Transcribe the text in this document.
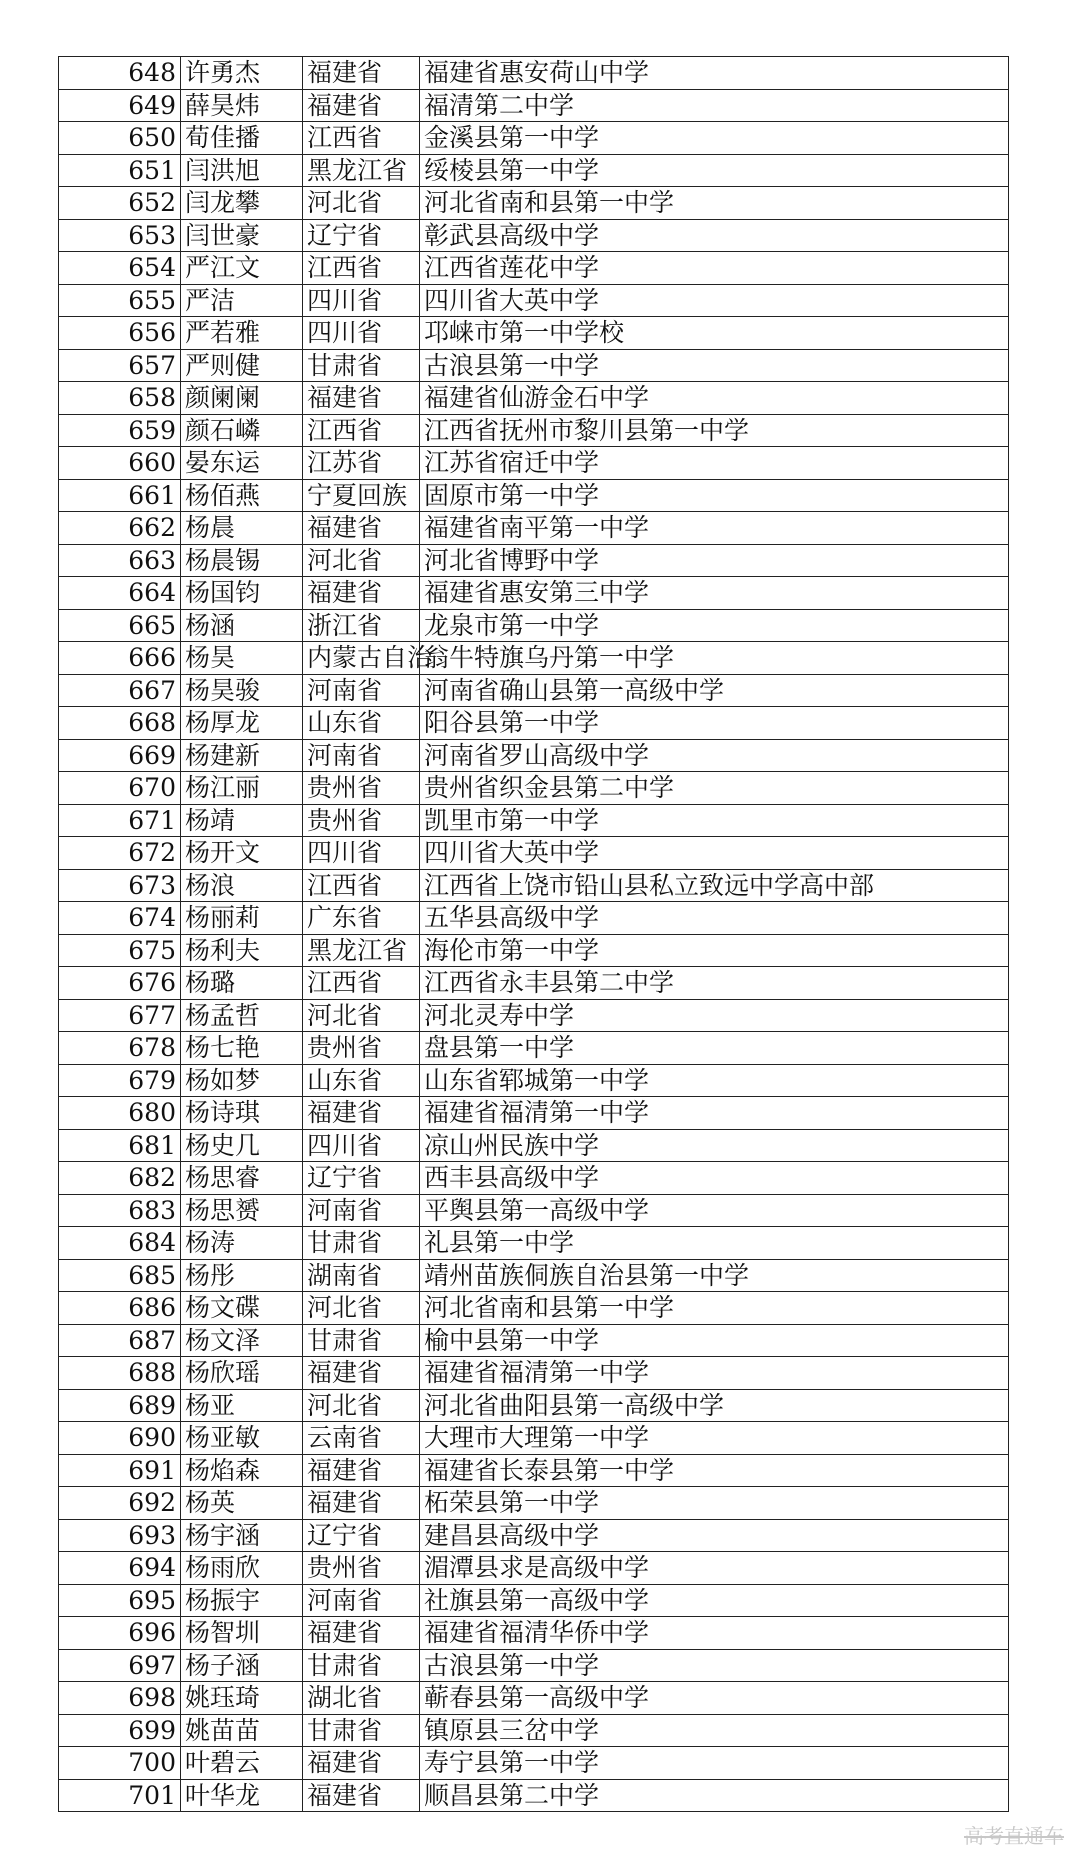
648	许勇杰	福建省	福建省惠安荷山中学
649	薛昊炜	福建省	福清第二中学
650	荀佳播	江西省	金溪县第一中学
651	闫洪旭	黑龙江省	绥棱县第一中学
652	闫龙攀	河北省	河北省南和县第一中学
653	闫世豪	辽宁省	彰武县高级中学
654	严江文	江西省	江西省莲花中学
655	严洁	四川省	四川省大英中学
656	严若雅	四川省	邛崃市第一中学校
657	严则健	甘肃省	古浪县第一中学
658	颜阑阑	福建省	福建省仙游金石中学
659	颜石嶙	江西省	江西省抚州市黎川县第一中学
660	晏东运	江苏省	江苏省宿迁中学
661	杨佰燕	宁夏回族	固原市第一中学
662	杨晨	福建省	福建省南平第一中学
663	杨晨锡	河北省	河北省博野中学
664	杨国钧	福建省	福建省惠安第三中学
665	杨涵	浙江省	龙泉市第一中学
666	杨昊	内蒙古自治	翁牛特旗乌丹第一中学
667	杨昊骏	河南省	河南省确山县第一高级中学
668	杨厚龙	山东省	阳谷县第一中学
669	杨建新	河南省	河南省罗山高级中学
670	杨江丽	贵州省	贵州省织金县第二中学
671	杨靖	贵州省	凯里市第一中学
672	杨开文	四川省	四川省大英中学
673	杨浪	江西省	江西省上饶市铅山县私立致远中学高中部
674	杨丽莉	广东省	五华县高级中学
675	杨利夫	黑龙江省	海伦市第一中学
676	杨璐	江西省	江西省永丰县第二中学
677	杨孟哲	河北省	河北灵寿中学
678	杨七艳	贵州省	盘县第一中学
679	杨如梦	山东省	山东省郓城第一中学
680	杨诗琪	福建省	福建省福清第一中学
681	杨史几	四川省	凉山州民族中学
682	杨思睿	辽宁省	西丰县高级中学
683	杨思赟	河南省	平舆县第一高级中学
684	杨涛	甘肃省	礼县第一中学
685	杨彤	湖南省	靖州苗族侗族自治县第一中学
686	杨文碟	河北省	河北省南和县第一中学
687	杨文泽	甘肃省	榆中县第一中学
688	杨欣瑶	福建省	福建省福清第一中学
689	杨亚	河北省	河北省曲阳县第一高级中学
690	杨亚敏	云南省	大理市大理第一中学
691	杨焰森	福建省	福建省长泰县第一中学
692	杨英	福建省	柘荣县第一中学
693	杨宇涵	辽宁省	建昌县高级中学
694	杨雨欣	贵州省	湄潭县求是高级中学
695	杨振宇	河南省	社旗县第一高级中学
696	杨智圳	福建省	福建省福清华侨中学
697	杨子涵	甘肃省	古浪县第一中学
698	姚珏琦	湖北省	蕲春县第一高级中学
699	姚苗苗	甘肃省	镇原县三岔中学
700	叶碧云	福建省	寿宁县第一中学
701	叶华龙	福建省	顺昌县第二中学
高考直通车
